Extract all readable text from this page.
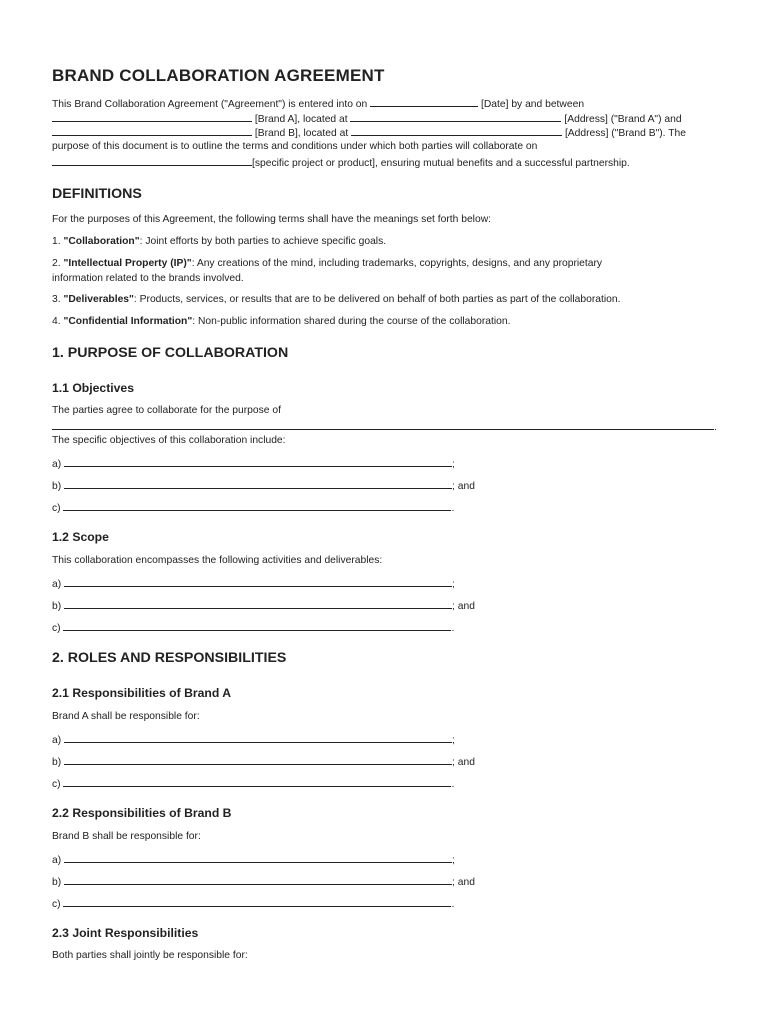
BRAND COLLABORATION AGREEMENT
This Brand Collaboration Agreement ("Agreement") is entered into on	[Date] by and between
[Brand A], located at	[Address] ("Brand A") and
[Brand B], located at	[Address] ("Brand B"). The
purpose of this document is to outline the terms and conditions under which both parties will collaborate on
[specific project or product], ensuring mutual benefits and a successful partnership.
DEFINITIONS
For the purposes of this Agreement, the following terms shall have the meanings set forth below:
1. "Collaboration": Joint efforts by both parties to achieve specific goals.
2. "Intellectual Property (IP)": Any creations of the mind, including trademarks, copyrights, designs, and any proprietary
information related to the brands involved.
3. "Deliverables": Products, services, or results that are to be delivered on behalf of both parties as part of the collaboration.
4. "Confidential Information": Non-public information shared during the course of the collaboration.
1. PURPOSE OF COLLABORATION
1.1 Objectives
The parties agree to collaborate for the purpose of
.
The specific objectives of this collaboration include:
a)	;
b)	; and
c)	.
1.2 Scope
This collaboration encompasses the following activities and deliverables:
a)	;
b)	; and
c)	.
2. ROLES AND RESPONSIBILITIES
2.1 Responsibilities of Brand A
Brand A shall be responsible for:
a)	;
b)	; and
c)	.
2.2 Responsibilities of Brand B
Brand B shall be responsible for:
a)	;
b)	; and
c)	.
2.3 Joint Responsibilities
Both parties shall jointly be responsible for:
